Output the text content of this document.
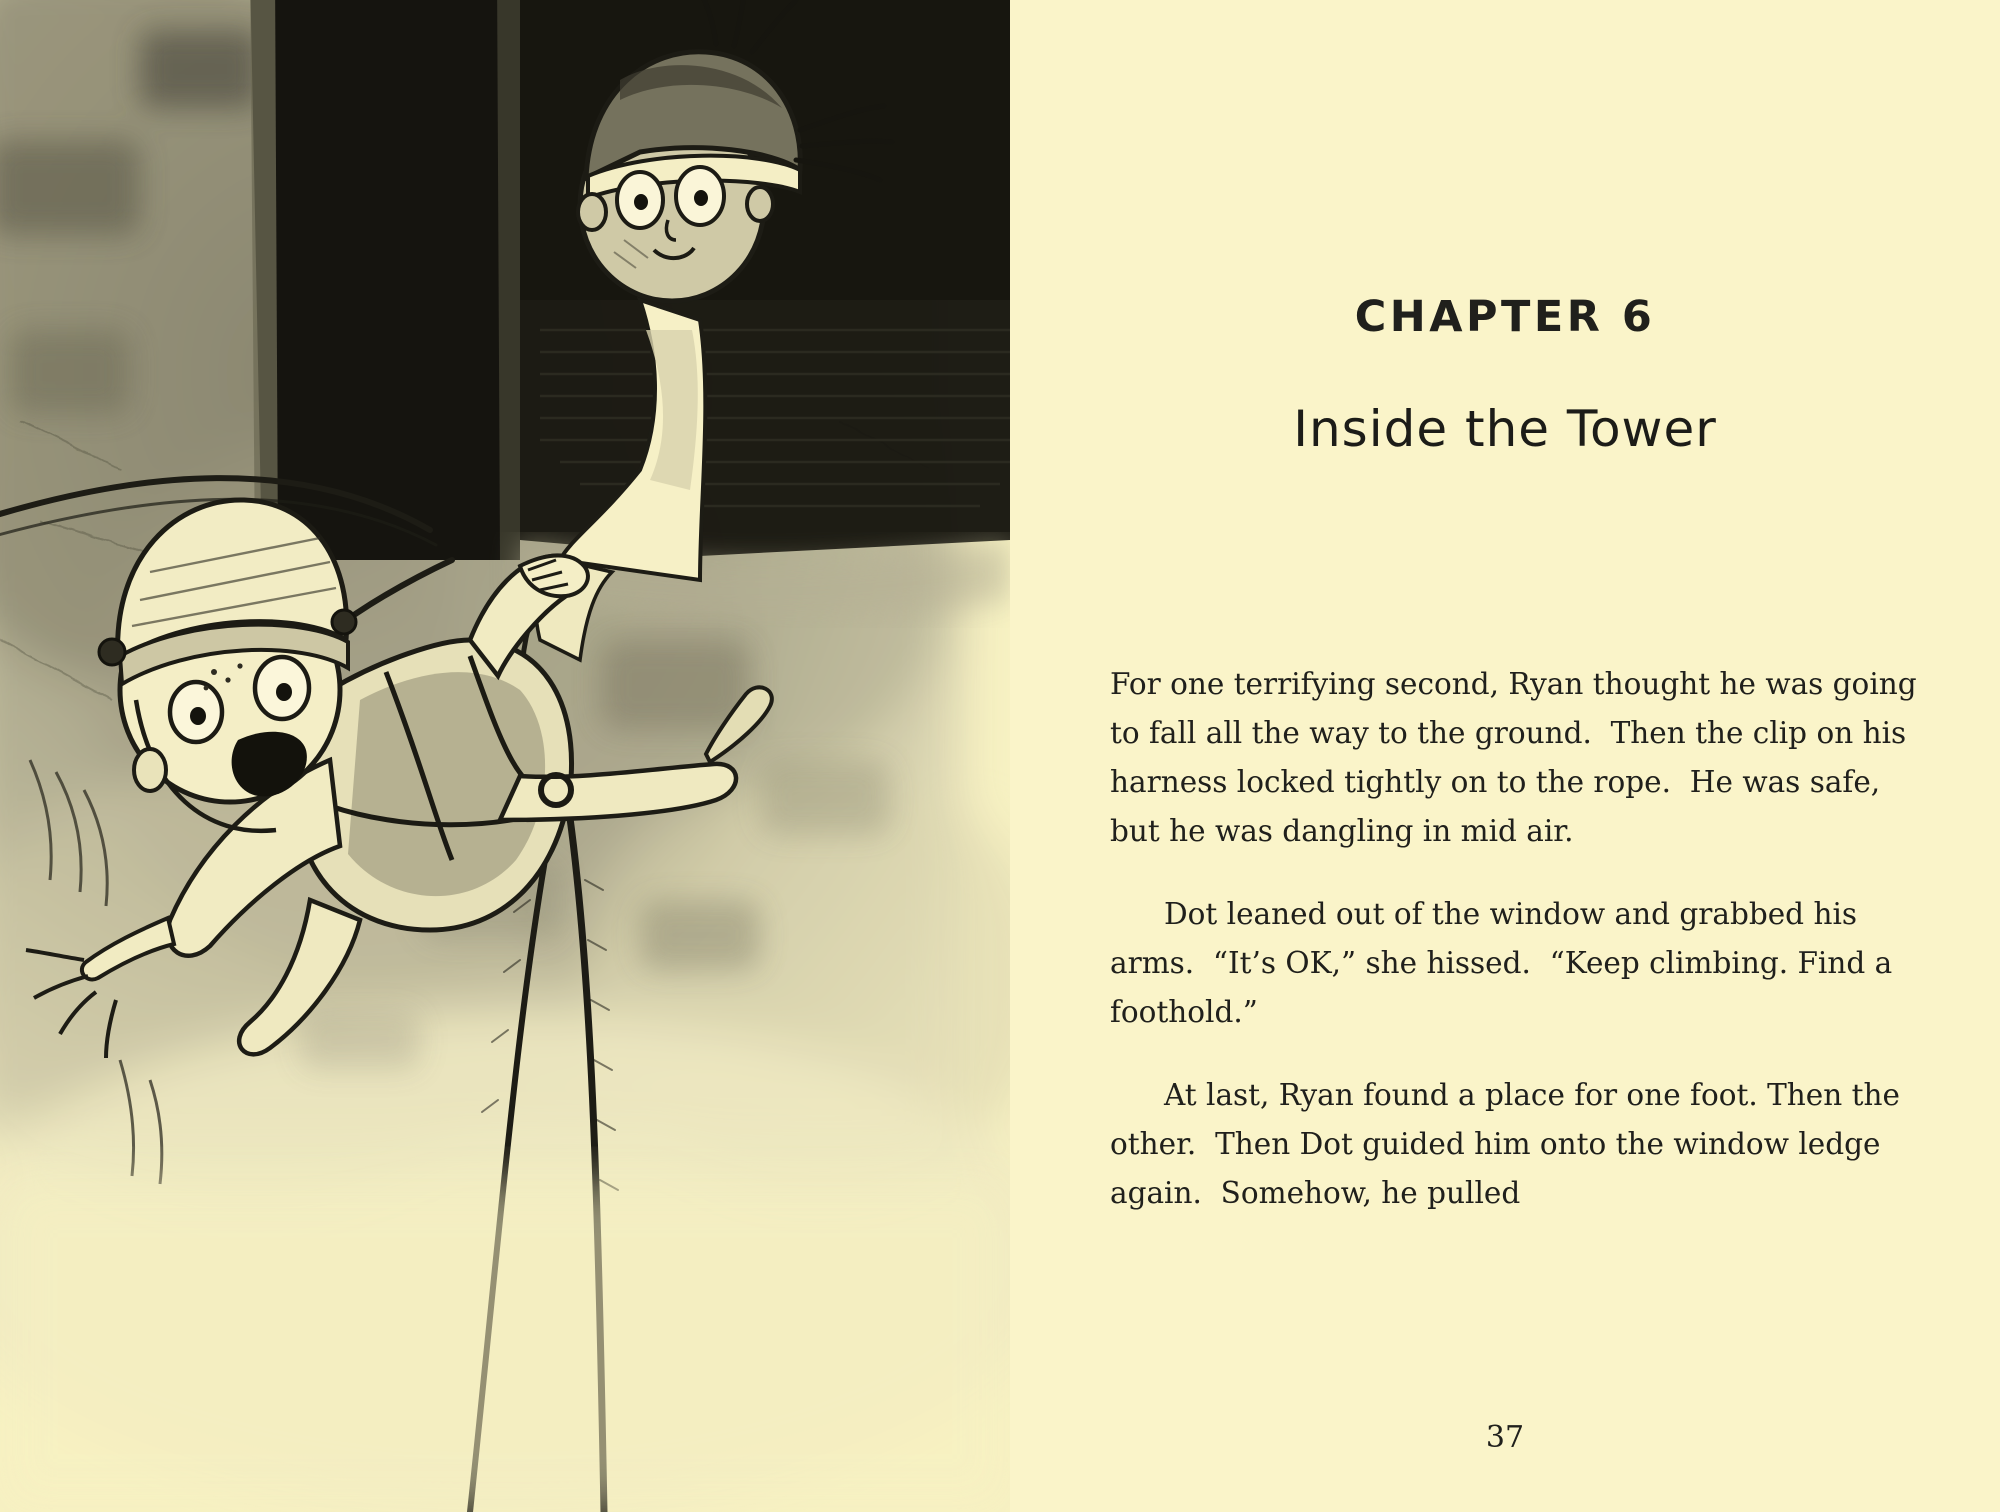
CHAPTER 6
Inside the Tower

For one terrifying second, Ryan thought he was going to fall all the way to the ground.  Then the clip on his harness locked tightly on to the rope.  He was safe, but he was dangling in mid air.

Dot leaned out of the window and grabbed his arms.  “It’s OK,” she hissed.  “Keep climbing. Find a foothold.”

At last, Ryan found a place for one foot. Then the other.  Then Dot guided him onto the window ledge again.  Somehow, he pulled

37
